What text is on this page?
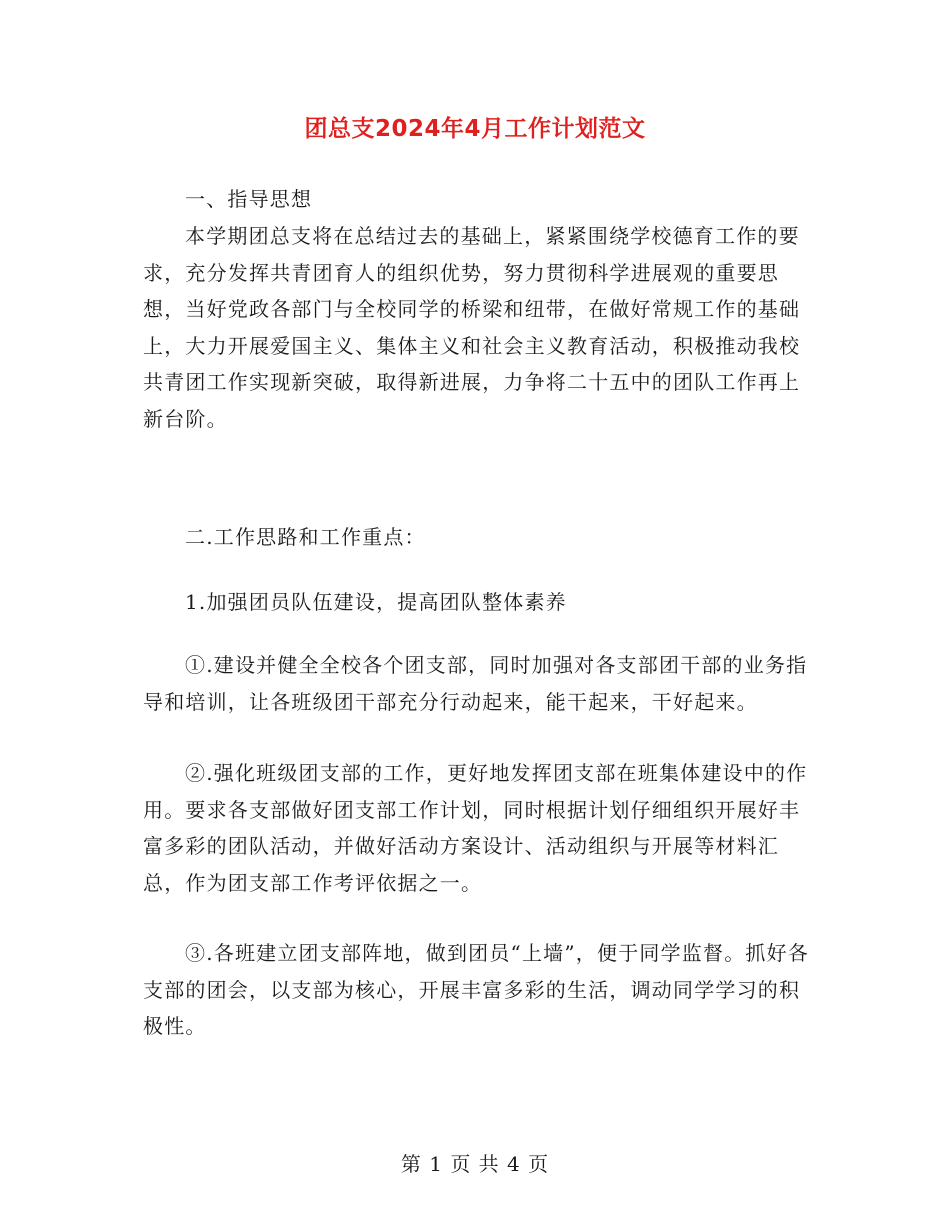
团总支2024年4月工作计划范文
一、指导思想

本学期团总支将在总结过去的基础上，紧紧围绕学校德育工作的要求，充分发挥共青团育人的组织优势，努力贯彻科学进展观的重要思想，当好党政各部门与全校同学的桥梁和纽带，在做好常规工作的基础上，大力开展爱国主义、集体主义和社会主义教育活动，积极推动我校共青团工作实现新突破，取得新进展，力争将二十五中的团队工作再上新台阶。

二.工作思路和工作重点：
1.加强团员队伍建设，提高团队整体素养

①.建设并健全全校各个团支部，同时加强对各支部团干部的业务指导和培训，让各班级团干部充分行动起来，能干起来，干好起来。

②.强化班级团支部的工作，更好地发挥团支部在班集体建设中的作用。要求各支部做好团支部工作计划，同时根据计划仔细组织开展好丰富多彩的团队活动，并做好活动方案设计、活动组织与开展等材料汇总，作为团支部工作考评依据之一。

③.各班建立团支部阵地，做到团员“上墙”，便于同学监督。抓好各支部的团会，以支部为核心，开展丰富多彩的生活，调动同学学习的积极性。

第 1 页 共 4 页
